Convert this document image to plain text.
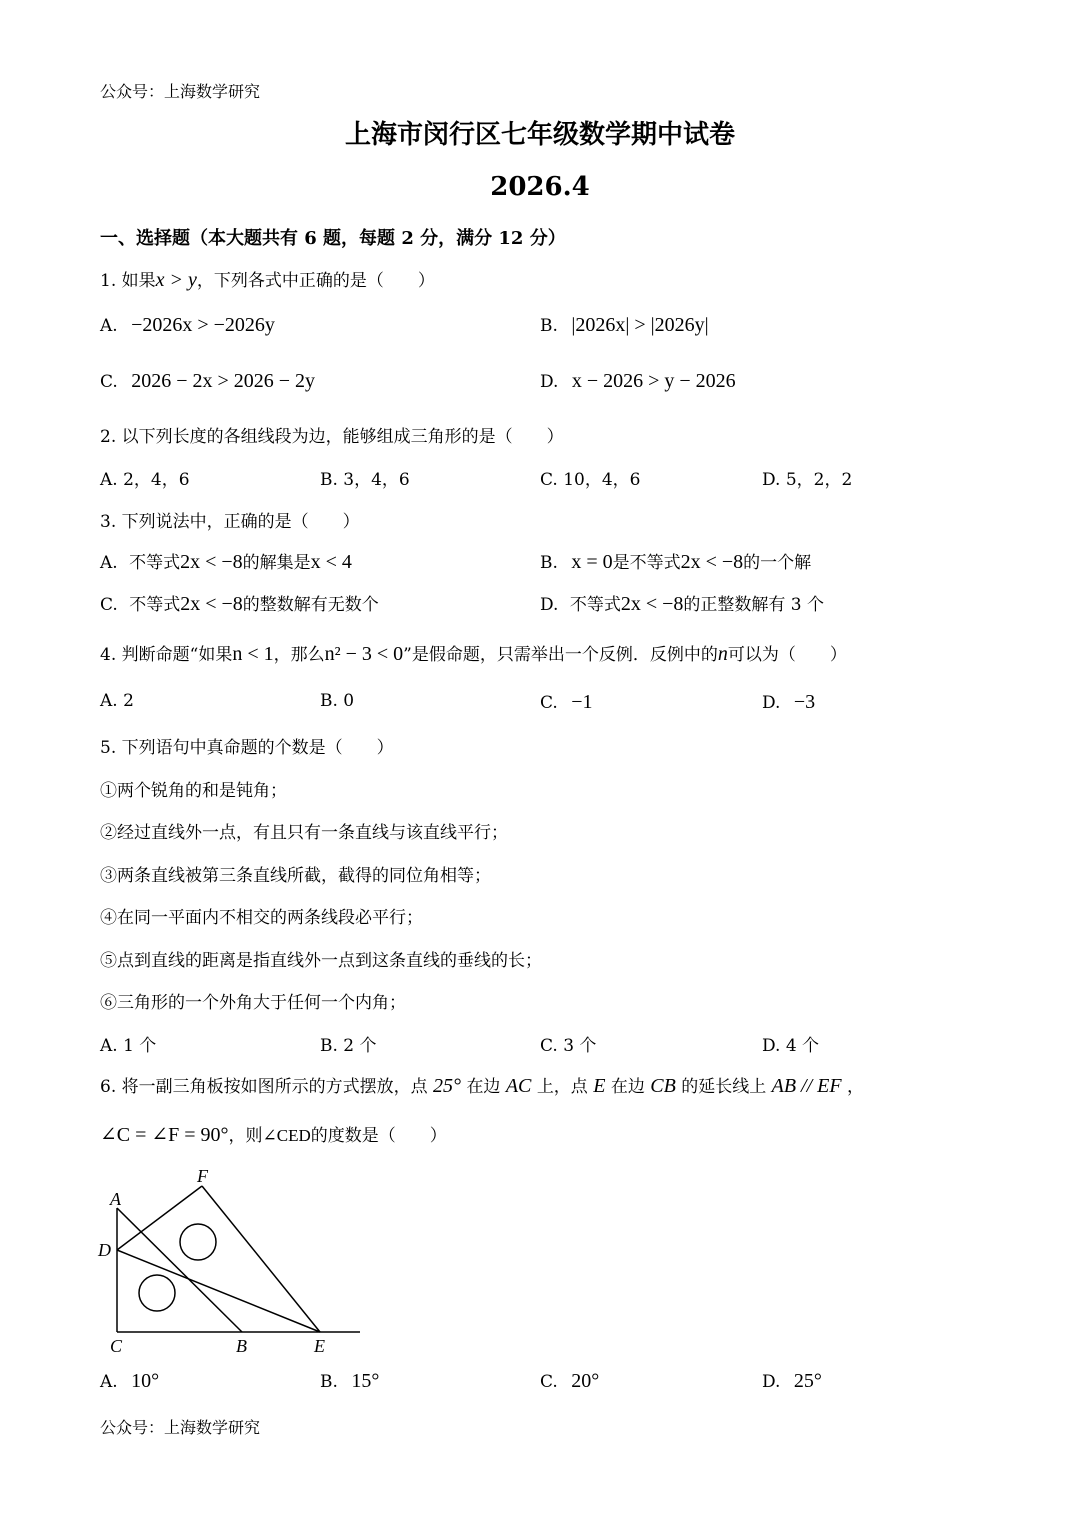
公众号：上海数学研究
上海市闵行区七年级数学期中试卷
2026.4
一、选择题（本大题共有 6 题，每题 2 分，满分 12 分）
1. 如果x > y，下列各式中正确的是（　　）
A. −2026x > −2026y	B. |2026x| > |2026y|
C. 2026 − 2x > 2026 − 2y	D. x − 2026 > y − 2026
2. 以下列长度的各组线段为边，能够组成三角形的是（　　）
A. 2，4，6	B. 3，4，6	C. 10，4，6	D. 5，2，2
3. 下列说法中，正确的是（　　）
A. 不等式2x < −8的解集是x < 4	B. x = 0是不等式2x < −8的一个解
C. 不等式2x < −8的整数解有无数个	D. 不等式2x < −8的正整数解有 3 个
4. 判断命题“如果n < 1，那么n² − 3 < 0”是假命题，只需举出一个反例．反例中的n可以为（　　）
A. 2	B. 0	C. −1	D. −3
5. 下列语句中真命题的个数是（　　）
①两个锐角的和是钝角；
②经过直线外一点，有且只有一条直线与该直线平行；
③两条直线被第三条直线所截，截得的同位角相等；
④在同一平面内不相交的两条线段必平行；
⑤点到直线的距离是指直线外一点到这条直线的垂线的长；
⑥三角形的一个外角大于任何一个内角；
A. 1 个	B. 2 个	C. 3 个	D. 4 个
6. 将一副三角板按如图所示的方式摆放，点 25° 在边 AC 上，点 E 在边 CB 的延长线上 AB // EF ，
∠C = ∠F = 90°，则∠CED的度数是（　　）
A
F
D
C	B	E
A. 10°	B. 15°	C. 20°	D. 25°
公众号：上海数学研究
